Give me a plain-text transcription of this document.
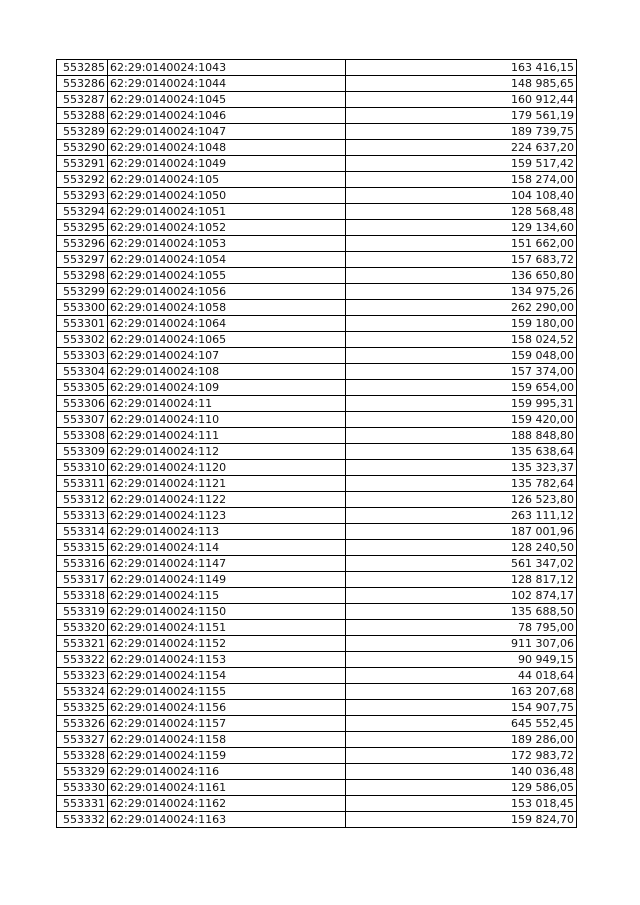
553285	62:29:0140024:1043	163 416,15
553286	62:29:0140024:1044	148 985,65
553287	62:29:0140024:1045	160 912,44
553288	62:29:0140024:1046	179 561,19
553289	62:29:0140024:1047	189 739,75
553290	62:29:0140024:1048	224 637,20
553291	62:29:0140024:1049	159 517,42
553292	62:29:0140024:105	158 274,00
553293	62:29:0140024:1050	104 108,40
553294	62:29:0140024:1051	128 568,48
553295	62:29:0140024:1052	129 134,60
553296	62:29:0140024:1053	151 662,00
553297	62:29:0140024:1054	157 683,72
553298	62:29:0140024:1055	136 650,80
553299	62:29:0140024:1056	134 975,26
553300	62:29:0140024:1058	262 290,00
553301	62:29:0140024:1064	159 180,00
553302	62:29:0140024:1065	158 024,52
553303	62:29:0140024:107	159 048,00
553304	62:29:0140024:108	157 374,00
553305	62:29:0140024:109	159 654,00
553306	62:29:0140024:11	159 995,31
553307	62:29:0140024:110	159 420,00
553308	62:29:0140024:111	188 848,80
553309	62:29:0140024:112	135 638,64
553310	62:29:0140024:1120	135 323,37
553311	62:29:0140024:1121	135 782,64
553312	62:29:0140024:1122	126 523,80
553313	62:29:0140024:1123	263 111,12
553314	62:29:0140024:113	187 001,96
553315	62:29:0140024:114	128 240,50
553316	62:29:0140024:1147	561 347,02
553317	62:29:0140024:1149	128 817,12
553318	62:29:0140024:115	102 874,17
553319	62:29:0140024:1150	135 688,50
553320	62:29:0140024:1151	78 795,00
553321	62:29:0140024:1152	911 307,06
553322	62:29:0140024:1153	90 949,15
553323	62:29:0140024:1154	44 018,64
553324	62:29:0140024:1155	163 207,68
553325	62:29:0140024:1156	154 907,75
553326	62:29:0140024:1157	645 552,45
553327	62:29:0140024:1158	189 286,00
553328	62:29:0140024:1159	172 983,72
553329	62:29:0140024:116	140 036,48
553330	62:29:0140024:1161	129 586,05
553331	62:29:0140024:1162	153 018,45
553332	62:29:0140024:1163	159 824,70
